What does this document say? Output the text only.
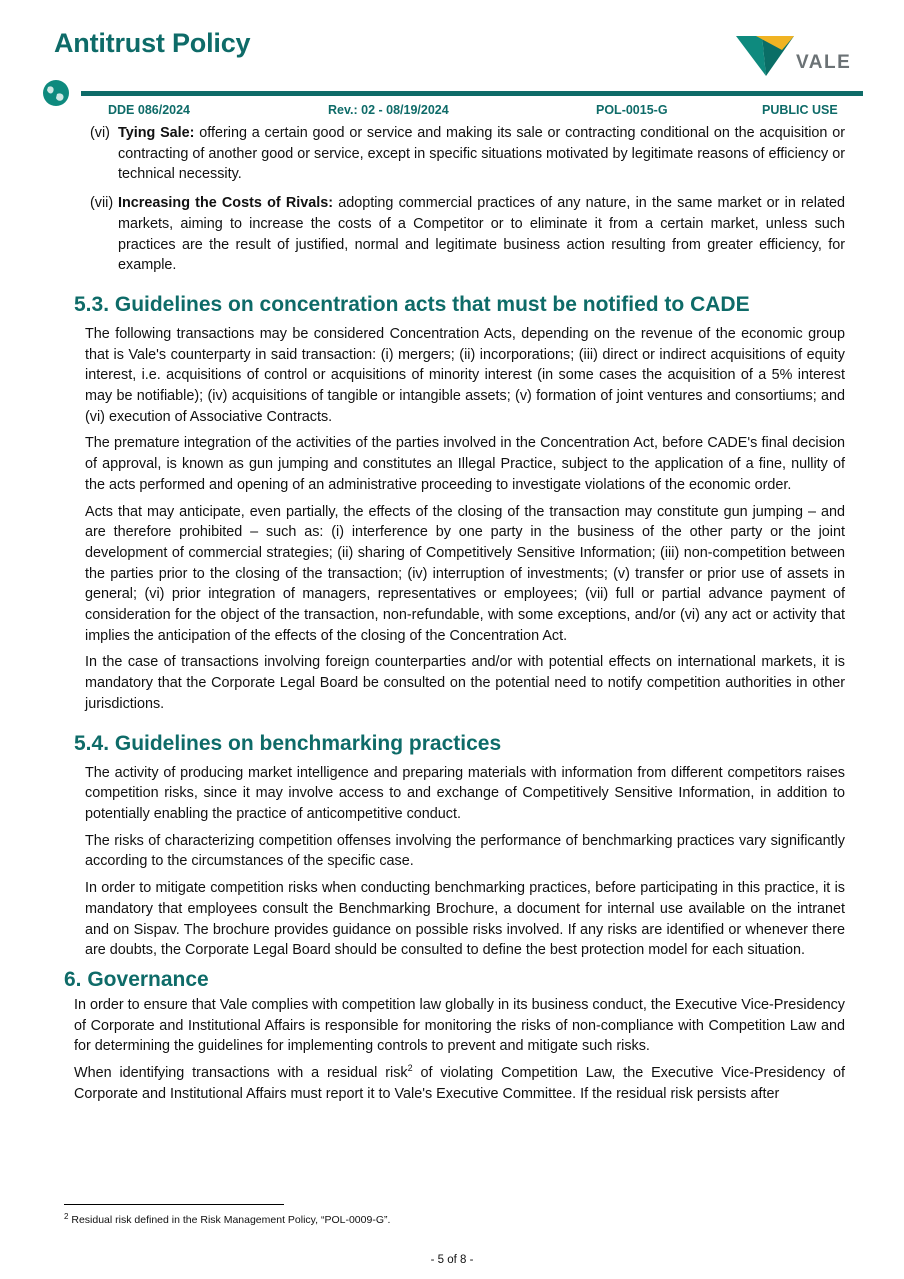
Antitrust Policy
VALE
DDE 086/2024	Rev.: 02 - 08/19/2024	POL-0015-G	PUBLIC USE
(vi) Tying Sale: offering a certain good or service and making its sale or contracting conditional on the acquisition or contracting of another good or service, except in specific situations motivated by legitimate reasons of efficiency or technical necessity.
(vii) Increasing the Costs of Rivals: adopting commercial practices of any nature, in the same market or in related markets, aiming to increase the costs of a Competitor or to eliminate it from a certain market, unless such practices are the result of justified, normal and legitimate business action resulting from greater efficiency, for example.
5.3. Guidelines on concentration acts that must be notified to CADE

The following transactions may be considered Concentration Acts, depending on the revenue of the economic group that is Vale's counterparty in said transaction: (i) mergers; (ii) incorporations; (iii) direct or indirect acquisitions of equity interest, i.e. acquisitions of control or acquisitions of minority interest (in some cases the acquisition of a 5% interest may be notifiable); (iv) acquisitions of tangible or intangible assets; (v) formation of joint ventures and consortiums; and (vi) execution of Associative Contracts.

The premature integration of the activities of the parties involved in the Concentration Act, before CADE's final decision of approval, is known as gun jumping and constitutes an Illegal Practice, subject to the application of a fine, nullity of the acts performed and opening of an administrative proceeding to investigate violations of the economic order.

Acts that may anticipate, even partially, the effects of the closing of the transaction may constitute gun jumping – and are therefore prohibited – such as: (i) interference by one party in the business of the other party or the joint development of commercial strategies; (ii) sharing of Competitively Sensitive Information; (iii) non-competition between the parties prior to the closing of the transaction; (iv) interruption of investments; (v) transfer or prior use of assets in general; (vi) prior integration of managers, representatives or employees; (vii) full or partial advance payment of consideration for the object of the transaction, non-refundable, with some exceptions, and/or (vi) any act or activity that implies the anticipation of the effects of the closing of the Concentration Act.

In the case of transactions involving foreign counterparties and/or with potential effects on international markets, it is mandatory that the Corporate Legal Board be consulted on the potential need to notify competition authorities in other jurisdictions.

5.4. Guidelines on benchmarking practices

The activity of producing market intelligence and preparing materials with information from different competitors raises competition risks, since it may involve access to and exchange of Competitively Sensitive Information, in addition to potentially enabling the practice of anticompetitive conduct.

The risks of characterizing competition offenses involving the performance of benchmarking practices vary significantly according to the circumstances of the specific case.

In order to mitigate competition risks when conducting benchmarking practices, before participating in this practice, it is mandatory that employees consult the Benchmarking Brochure, a document for internal use available on the intranet and on Sispav. The brochure provides guidance on possible risks involved. If any risks are identified or whenever there are doubts, the Corporate Legal Board should be consulted to define the best protection model for each situation.

6. Governance

In order to ensure that Vale complies with competition law globally in its business conduct, the Executive Vice-Presidency of Corporate and Institutional Affairs is responsible for monitoring the risks of non-compliance with Competition Law and for determining the guidelines for implementing controls to prevent and mitigate such risks.

When identifying transactions with a residual risk$^2$ of violating Competition Law, the Executive Vice-Presidency of Corporate and Institutional Affairs must report it to Vale's Executive Committee. If the residual risk persists after

$^2$ Residual risk defined in the Risk Management Policy, “POL-0009-G”.
- 5 of 8 -
